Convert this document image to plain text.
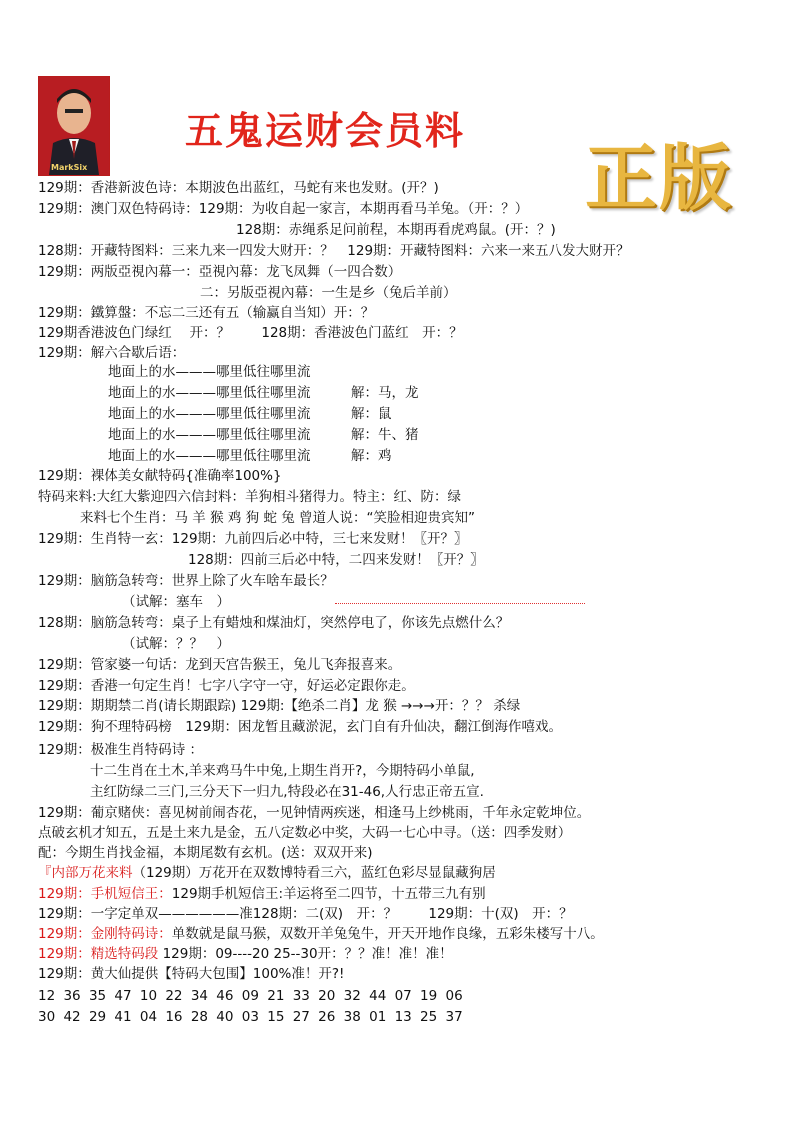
MarkSix
五鬼运财会员料
正版
129期：香港新波色诗：本期波色出蓝红，马蛇有来也发财。(开？)
129期：澳门双色特码诗：129期：为收自起一家言，本期再看马羊兔。（开：？）
128期：赤绳系足问前程，本期再看虎鸡鼠。(开：？)
128期：开藏特图料：三来九来一四发大财开：？　129期：开藏特图料：六来一来五八发大财开？
129期：两版亞視內幕一：亞視內幕：龙飞凤舞（一四合数）
二：另版亞視內幕：一生是乡（兔后羊前）
129期：鐵算盤：不忘二三还有五（输赢自当知）开：？
129期香港波色门绿红　 开：？　　 128期：香港波色门蓝红　开：？
129期：解六合歇后语：
地面上的水———哪里低往哪里流
地面上的水———哪里低往哪里流　　　解：马，龙
地面上的水———哪里低往哪里流　　　解：鼠
地面上的水———哪里低往哪里流　　　解：牛、猪
地面上的水———哪里低往哪里流　　　解：鸡
129期：裸体美女献特码{准确率100%}
特码来料:大红大紫迎四六信封料：羊狗相斗猪得力。特主：红、防：绿
来料七个生肖：马 羊 猴 鸡 狗 蛇 兔 曾道人说：“笑脸相迎贵宾知”
129期：生肖特一玄：129期：九前四后必中特，三七来发财！〖开？〗
128期：四前三后必中特，二四来发财！〖开？〗
129期：脑筋急转弯：世界上除了火车啥车最长？
（试解：塞车　）
128期：脑筋急转弯：桌子上有蜡烛和煤油灯，突然停电了，你该先点燃什么？
（试解：？？　）
129期：管家婆一句话：龙到天宫告猴王，兔儿飞奔报喜来。
129期：香港一句定生肖！七字八字守一守，好运必定跟你走。
129期：期期禁二肖(请长期跟踪) 129期:【绝杀二肖】龙 猴 →→→开：？？ 杀绿
129期：狗不理特码榜　129期：困龙暂且藏淤泥，玄门自有升仙决，翻江倒海作嘻戏。
129期：极准生肖特码诗 ：
十二生肖在土木,羊来鸡马牛中兔,上期生肖开?，今期特码小单鼠,
主红防绿二三门,三分天下一归九,特段必在31-46,人行忠正帝五宣.
129期：葡京赌侠：喜见树前闹杏花，一见钟情两疾迷，相逢马上纱桃雨，千年永定乾坤位。
点破玄机才知五，五是土来九是金，五八定数必中奖，大码一七心中寻。（送：四季发财）
配：今期生肖找金福，本期尾数有玄机。(送：双双开来)
『内部万花来料（129期）万花开在双数博特看三六，蓝红色彩尽显鼠藏狗居
129期：手机短信王：129期手机短信王:羊运将至二四节，十五带三九有别
129期：一字定单双——————准128期：二(双)　开：？　　 129期：十(双)　开：？
129期：金刚特码诗：单数就是鼠马猴，双数开羊兔兔牛，开天开地作良缘，五彩朱楼写十八。
129期：精选特码段 129期：09----20 25--30开：？？准！准！准！
129期：黄大仙提供【特码大包围】100%准！开?!
12 36 35 47 10 22 34 46 09 21 33 20 32 44 07 19 06
30 42 29 41 04 16 28 40 03 15 27 26 38 01 13 25 37
